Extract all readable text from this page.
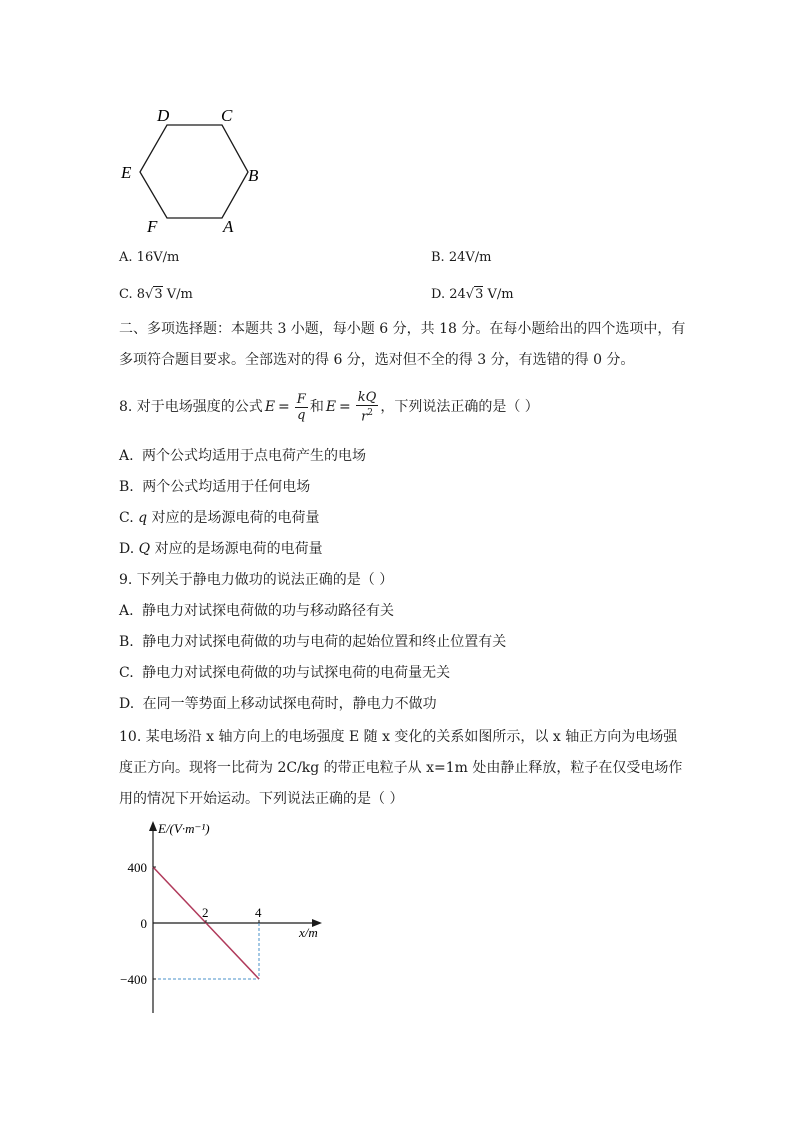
D	C
E	B
F	A
A. 16V/m	B. 24V/m
C. 8√3 V/m	D. 24√3 V/m
二、多项选择题：本题共 3 小题，每小题 6 分，共 18 分。在每小题给出的四个选项中，有
多项符合题目要求。全部选对的得 6 分，选对但不全的得 3 分，有选错的得 0 分。
8. 对于电场强度的公式 $E = \frac{F}{q}$ 和 $E = \frac{kQ}{r^2}$ ，下列说法正确的是（ ）
A. 两个公式均适用于点电荷产生的电场
B. 两个公式均适用于任何电场
C. q 对应的是场源电荷的电荷量
D. Q 对应的是场源电荷的电荷量
9. 下列关于静电力做功的说法正确的是（ ）
A. 静电力对试探电荷做的功与移动路径有关
B. 静电力对试探电荷做的功与电荷的起始位置和终止位置有关
C. 静电力对试探电荷做的功与试探电荷的电荷量无关
D. 在同一等势面上移动试探电荷时，静电力不做功
10. 某电场沿 x 轴方向上的电场强度 E 随 x 变化的关系如图所示，以 x 轴正方向为电场强
度正方向。现将一比荷为 2C/kg 的带正电粒子从 x=1m 处由静止释放，粒子在仅受电场作
用的情况下开始运动。下列说法正确的是（ ）
2	4
400
0
−400
E/(V·m⁻¹)
x/m
